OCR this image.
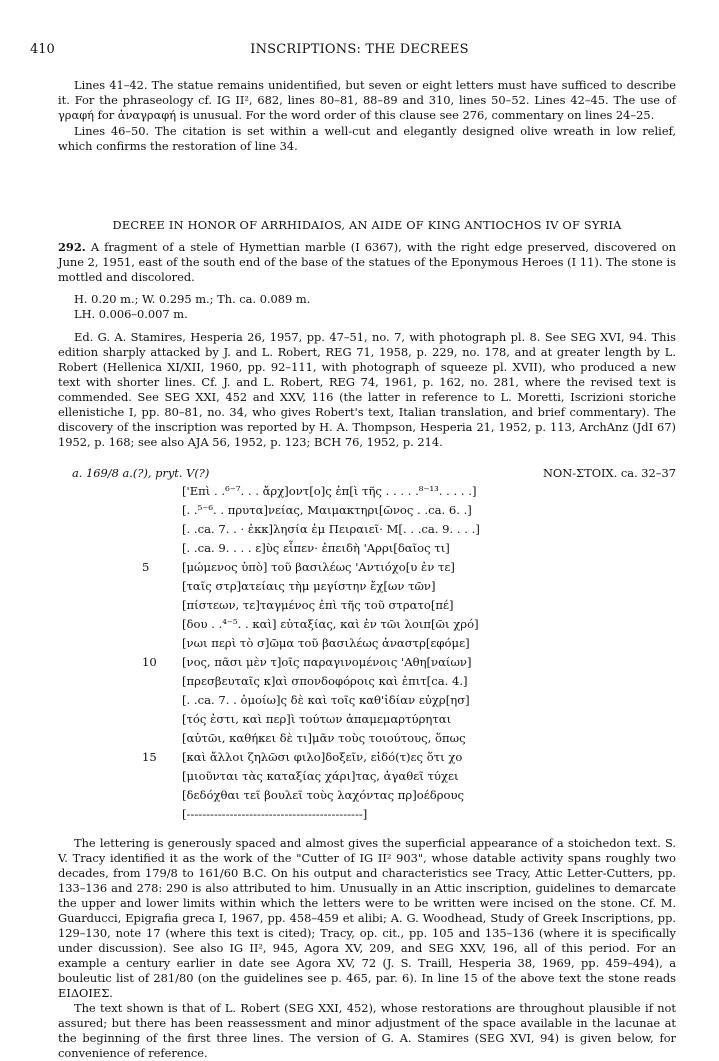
410	INSCRIPTIONS: THE DECREES

Lines 41–42. The statue remains unidentified, but seven or eight letters must have sufficed to describe it. For the phraseology cf. IG II², 682, lines 80–81, 88–89 and 310, lines 50–52. Lines 42–45. The use of γραφή for ἀναγραφή is unusual. For the word order of this clause see 276, commentary on lines 24–25.

Lines 46–50. The citation is set within a well-cut and elegantly designed olive wreath in low relief, which confirms the restoration of line 34.

DECREE IN HONOR OF ARRHIDAIOS, AN AIDE OF KING ANTIOCHOS IV OF SYRIA

292. A fragment of a stele of Hymettian marble (I 6367), with the right edge preserved, discovered on June 2, 1951, east of the south end of the base of the statues of the Eponymous Heroes (I 11). The stone is mottled and discolored.

H. 0.20 m.; W. 0.295 m.; Th. ca. 0.089 m.
LH. 0.006–0.007 m.

Ed. G. A. Stamires, Hesperia 26, 1957, pp. 47–51, no. 7, with photograph pl. 8. See SEG XVI, 94. This edition sharply attacked by J. and L. Robert, REG 71, 1958, p. 229, no. 178, and at greater length by L. Robert (Hellenica XI/XII, 1960, pp. 92–111, with photograph of squeeze pl. XVII), who produced a new text with shorter lines. Cf. J. and L. Robert, REG 74, 1961, p. 162, no. 281, where the revised text is commended. See SEG XXI, 452 and XXV, 116 (the latter in reference to L. Moretti, Iscrizioni storiche ellenistiche I, pp. 80–81, no. 34, who gives Robert's text, Italian translation, and brief commentary). The discovery of the inscription was reported by H. A. Thompson, Hesperia 21, 1952, p. 113, ArchAnz (JdI 67) 1952, p. 168; see also AJA 56, 1952, p. 123; BCH 76, 1952, p. 214.

a. 169/8 a.(?), pryt. V(?)	NON-ΣΤΟΙΧ. ca. 32–37
['Επὶ . .⁶⁻⁷. . . ἄρχ]οντ[ο]ς ἐπ[ὶ τῆς . . . . .⁸⁻¹³. . . . .]
[. .⁵⁻⁶. . πρυτα]νείας, Μαιμακτηρι[ῶνος . .ca. 6. .]
[. .ca. 7. . · ἐκκ]λησία ἐμ Πειραιεῖ· Μ[. . .ca. 9. . . .]
[. .ca. 9. . . . ε]ὺς εἶπεν· ἐπειδὴ 'Αρρι[δαῖος τι]
5	[μώμενος ὑπὸ] τοῦ βασιλέως 'Αντιόχο[υ ἐν τε]
[ταῖς στρ]ατείαις τὴμ μεγίστην ἔχ[ων τῶν]
[πίστεων, τε]ταγμένος ἐπὶ τῆς τοῦ στρατο[πέ]
[δου . .⁴⁻⁵. . καὶ] εὐταξίας, καὶ ἐν τῶι λοιπ[ῶι χρό]
[νωι περὶ τὸ σ]ῶμα τοῦ βασιλέως ἀναστρ[εφόμε]
10	[νος, πᾶσι μὲν τ]οῖς παραγινομένοις 'Αθη[ναίων]
[πρεσβευταῖς κ]αὶ σπονδοφόροις καὶ ἐπιτ[ca. 4.]
[. .ca. 7. . ὁμοίω]ς δὲ καὶ τοῖς καθ'ἰδίαν εὐχρ[ησ]
[τός ἐστι, καὶ περ]ὶ τούτων ἀπαμεμαρτύρηται
[αὐτῶι, καθήκει δὲ τι]μᾶν τοὺς τοιούτους, ὅπως
15	[καὶ ἄλλοι ζηλῶσι φιλο]δοξεῖν, εἰδό(τ)ες ὅτι χο
[μιοῦνται τὰς καταξίας χάρι]τας, ἀγαθεῖ τύχει
[δεδόχθαι τεῖ βουλεῖ τοὺς λαχόντας πρ]οέδρους
[---------------------------------------------]

The lettering is generously spaced and almost gives the superficial appearance of a stoichedon text. S. V. Tracy identified it as the work of the "Cutter of IG II² 903", whose datable activity spans roughly two decades, from 179/8 to 161/60 B.C. On his output and characteristics see Tracy, Attic Letter-Cutters, pp. 133–136 and 278: 290 is also attributed to him. Unusually in an Attic inscription, guidelines to demarcate the upper and lower limits within which the letters were to be written were incised on the stone. Cf. M. Guarducci, Epigrafia greca I, 1967, pp. 458–459 et alibi; A. G. Woodhead, Study of Greek Inscriptions, pp. 129–130, note 17 (where this text is cited); Tracy, op. cit., pp. 105 and 135–136 (where it is specifically under discussion). See also IG II², 945, Agora XV, 209, and SEG XXV, 196, all of this period. For an example a century earlier in date see Agora XV, 72 (J. S. Traill, Hesperia 38, 1969, pp. 459–494), a bouleutic list of 281/80 (on the guidelines see p. 465, par. 6). In line 15 of the above text the stone reads ΕΙΔΟΙΕΣ.

The text shown is that of L. Robert (SEG XXI, 452), whose restorations are throughout plausible if not assured; but there has been reassessment and minor adjustment of the space available in the lacunae at the beginning of the first three lines. The version of G. A. Stamires (SEG XVI, 94) is given below, for convenience of reference.
